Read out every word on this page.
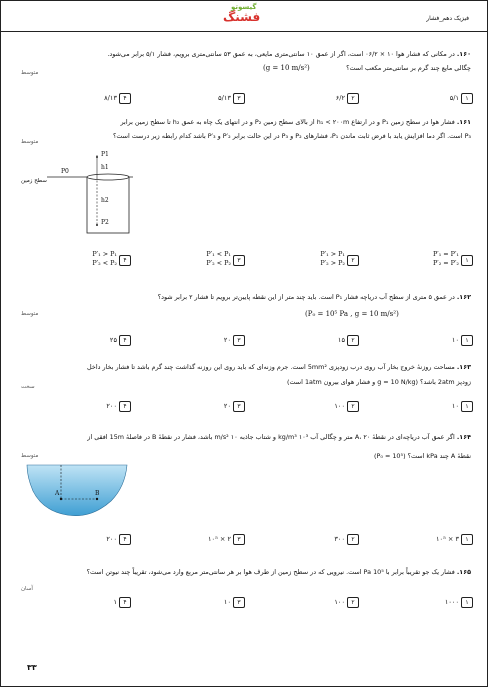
گیسوتو
فشنگ	فیزیک دهم_فشار
۱۶۰. در مکانی که فشار هوا ۱۰ × ۰۶/۲ است، اگر از عمق ۱۰ سانتی‌متری مایعی، به عمق ۵۳ سانتی‌متری برویم، فشار ۵/۱ برابر می‌شود.
چگالی مایع چند گرم بر سانتی‌متر مکعب است؟
(g = 10 m/s²)
متوسط
۱
۵/۱
۲
۶/۲
۳
۵/۱۳
۴
۸/۱۳
۱۶۱. فشار هوا در سطح زمین P₁ و در ارتفاع h₁ < ۲۰۰m از بالای سطح زمین P₂ و در انتهای یک چاه به عمق h₂ تا سطح زمین برابر
P₃ است. اگر دما افزایش یابد با فرض ثابت ماندن P₁، فشارهای P₂ و P₃ در این حالت برابر P′₂ و P′₃ باشد کدام رابطه زیر درست است؟
متوسط
P1
h1
P0
سطح زمین
h2
P2
۱
P′₁ = P′₁
P′₂ = P′₂
۲
P′₁ > P₁
P′₂ > P₂
۳
P′₁ < P₁
P′₂ < P₂
۴
P′₁ > P₁
P′₂ < P₂
۱۶۲. در عمق ۵ متری از سطح آب دریاچه فشار P₁ است. باید چند متر از این نقطه پایین‌تر برویم تا فشار ۲ برابر شود؟
(P₀ = 10⁵ Pa , g = 10 m/s²)
متوسط
۱
۱۰
۲
۱۵
۳
۲۰
۴
۲۵
۱۶۳. مساحت روزنهٔ خروج بخار آب روی درب زودپزی 5mm² است. جرم وزنه‌ای که باید روی این روزنه گذاشت چند گرم باشد تا فشار بخار داخل
زودپز 2atm باشد؟ (g = 10 N/kg و فشار هوای بیرون 1atm است)
سخت
۱
۱۰
۲
۱۰۰
۳
۲۰
۴
۲۰۰
۱۶۴. اگر عمق آب دریاچه‌ای در نقطهٔ A، ۲۰ متر و چگالی آب ۱۰³ kg/m³ و شتاب جاذبه ۱۰ m/s² باشد، فشار در نقطهٔ B در فاصلهٔ 15m افقی از
نقطهٔ A چند kPa است؟ (P₀ = 10⁵)
متوسط
A	B
۱
۳ × ۱۰⁵
۲
۳۰۰
۳
۲ × ۱۰⁵
۴
۲۰۰
۱۶۵. فشار یک جو تقریباً برابر با 10⁵ Pa است. نیرویی که در سطح زمین از طرف هوا بر هر سانتی‌متر مربع وارد می‌شود، تقریباً چند نیوتن است؟
آسان
۱
۱۰۰۰
۲
۱۰۰
۳
۱۰
۴
۱
۳۳
